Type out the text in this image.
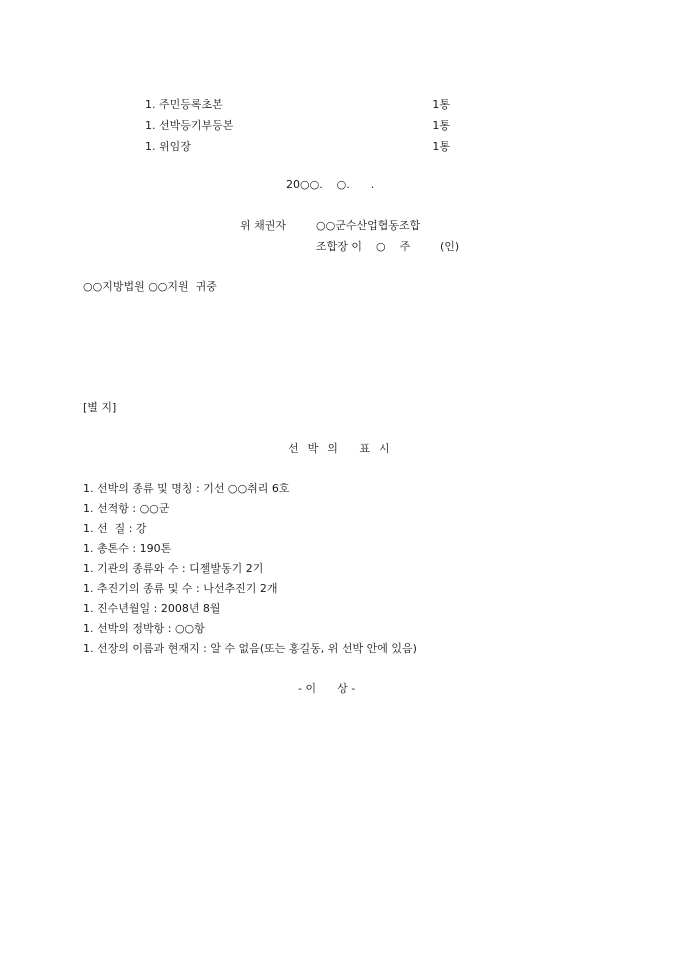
1. 주민등록초본	1통
1. 선박등기부등본	1통
1. 위임장	1통
20○○.    ○.      .
위 채권자	○○군수산업협동조합
조합장 이    ○    주	(인)
○○지방법원 ○○지원  귀중
[별 지]
선박의 표시
1. 선박의 종류 및 명칭 : 기선 ○○취리 6호
1. 선적항 : ○○군
1. 선  질 : 강
1. 총톤수 : 190톤
1. 기관의 종류와 수 : 디젤발동기 2기
1. 추진기의 종류 및 수 : 나선추진기 2개
1. 진수년월일 : 2008년 8월
1. 선박의 정박항 : ○○항
1. 선장의 이름과 현재지 : 알 수 없음(또는 홍길동, 위 선박 안에 있음)
- 이      상 -
